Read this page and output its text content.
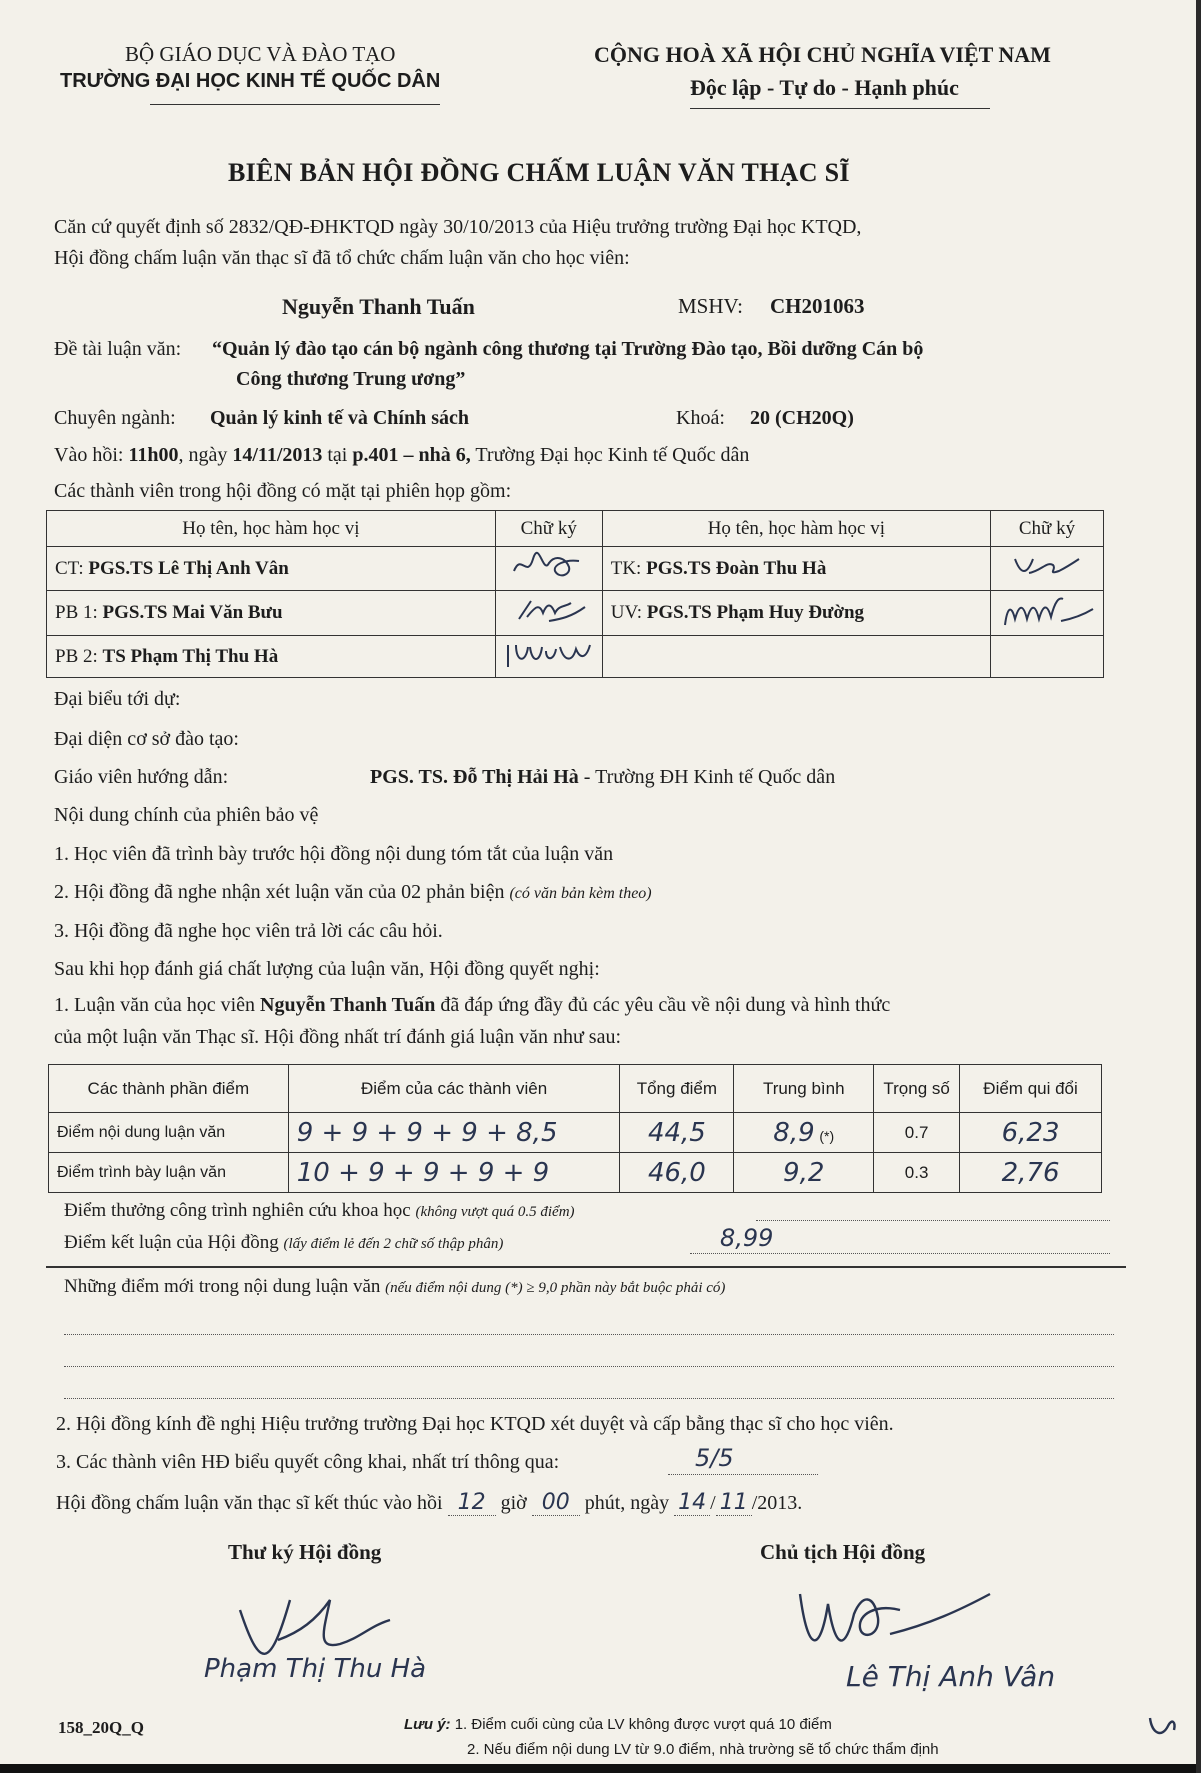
BỘ GIÁO DỤC VÀ ĐÀO TẠO
TRƯỜNG ĐẠI HỌC KINH TẾ QUỐC DÂN
CỘNG HOÀ XÃ HỘI CHỦ NGHĨA VIỆT NAM
Độc lập - Tự do - Hạnh phúc
BIÊN BẢN HỘI ĐỒNG CHẤM LUẬN VĂN THẠC SĨ
Căn cứ quyết định số 2832/QĐ-ĐHKTQD ngày 30/10/2013 của Hiệu trưởng trường Đại học KTQD,
Hội đồng chấm luận văn thạc sĩ đã tổ chức chấm luận văn cho học viên:
Nguyễn Thanh Tuấn	MSHV: CH201063
Đề tài luận văn: “Quản lý đào tạo cán bộ ngành công thương tại Trường Đào tạo, Bồi dưỡng Cán bộ
Công thương Trung ương”
Chuyên ngành: Quản lý kinh tế và Chính sách	Khoá: 20 (CH20Q)
Vào hồi: 11h00, ngày 14/11/2013 tại p.401 – nhà 6, Trường Đại học Kinh tế Quốc dân
Các thành viên trong hội đồng có mặt tại phiên họp gồm:
Họ tên, học hàm học vị	Chữ ký	Họ tên, học hàm học vị	Chữ ký
CT: PGS.TS Lê Thị Anh Vân		TK: PGS.TS Đoàn Thu Hà	
PB 1: PGS.TS Mai Văn Bưu		UV: PGS.TS Phạm Huy Đường	
PB 2: TS Phạm Thị Thu Hà			
Đại biểu tới dự:
Đại diện cơ sở đào tạo:
Giáo viên hướng dẫn:	PGS. TS. Đỗ Thị Hải Hà - Trường ĐH Kinh tế Quốc dân
Nội dung chính của phiên bảo vệ
1. Học viên đã trình bày trước hội đồng nội dung tóm tắt của luận văn
2. Hội đồng đã nghe nhận xét luận văn của 02 phản biện (có văn bản kèm theo)
3. Hội đồng đã nghe học viên trả lời các câu hỏi.
Sau khi họp đánh giá chất lượng của luận văn, Hội đồng quyết nghị:
1. Luận văn của học viên Nguyễn Thanh Tuấn đã đáp ứng đầy đủ các yêu cầu về nội dung và hình thức
của một luận văn Thạc sĩ. Hội đồng nhất trí đánh giá luận văn như sau:
Các thành phần điểm	Điểm của các thành viên	Tổng điểm	Trung bình	Trọng số	Điểm qui đổi
Điểm nội dung luận văn	9 + 9 + 9 + 9 + 8,5	44,5	8,9 (*)	0.7	6,23
Điểm trình bày luận văn	10 + 9 + 9 + 9 + 9	46,0	9,2	0.3	2,76
Điểm thưởng công trình nghiên cứu khoa học (không vượt quá 0.5 điểm)
Điểm kết luận của Hội đồng (lấy điểm lẻ đến 2 chữ số thập phân)	8,99
Những điểm mới trong nội dung luận văn (nếu điểm nội dung (*) ≥ 9,0 phần này bắt buộc phải có)
2. Hội đồng kính đề nghị Hiệu trưởng trường Đại học KTQD xét duyệt và cấp bằng thạc sĩ cho học viên.
3. Các thành viên HĐ biểu quyết công khai, nhất trí thông qua:	5/5
Hội đồng chấm luận văn thạc sĩ kết thúc vào hồi 12 giờ 00 phút, ngày 14 / 11 /2013.
Thư ký Hội đồng	Chủ tịch Hội đồng
Phạm Thị Thu Hà	Lê Thị Anh Vân
158_20Q_Q	Lưu ý: 1. Điểm cuối cùng của LV không được vượt quá 10 điểm
2. Nếu điểm nội dung LV từ 9.0 điểm, nhà trường sẽ tổ chức thẩm định
